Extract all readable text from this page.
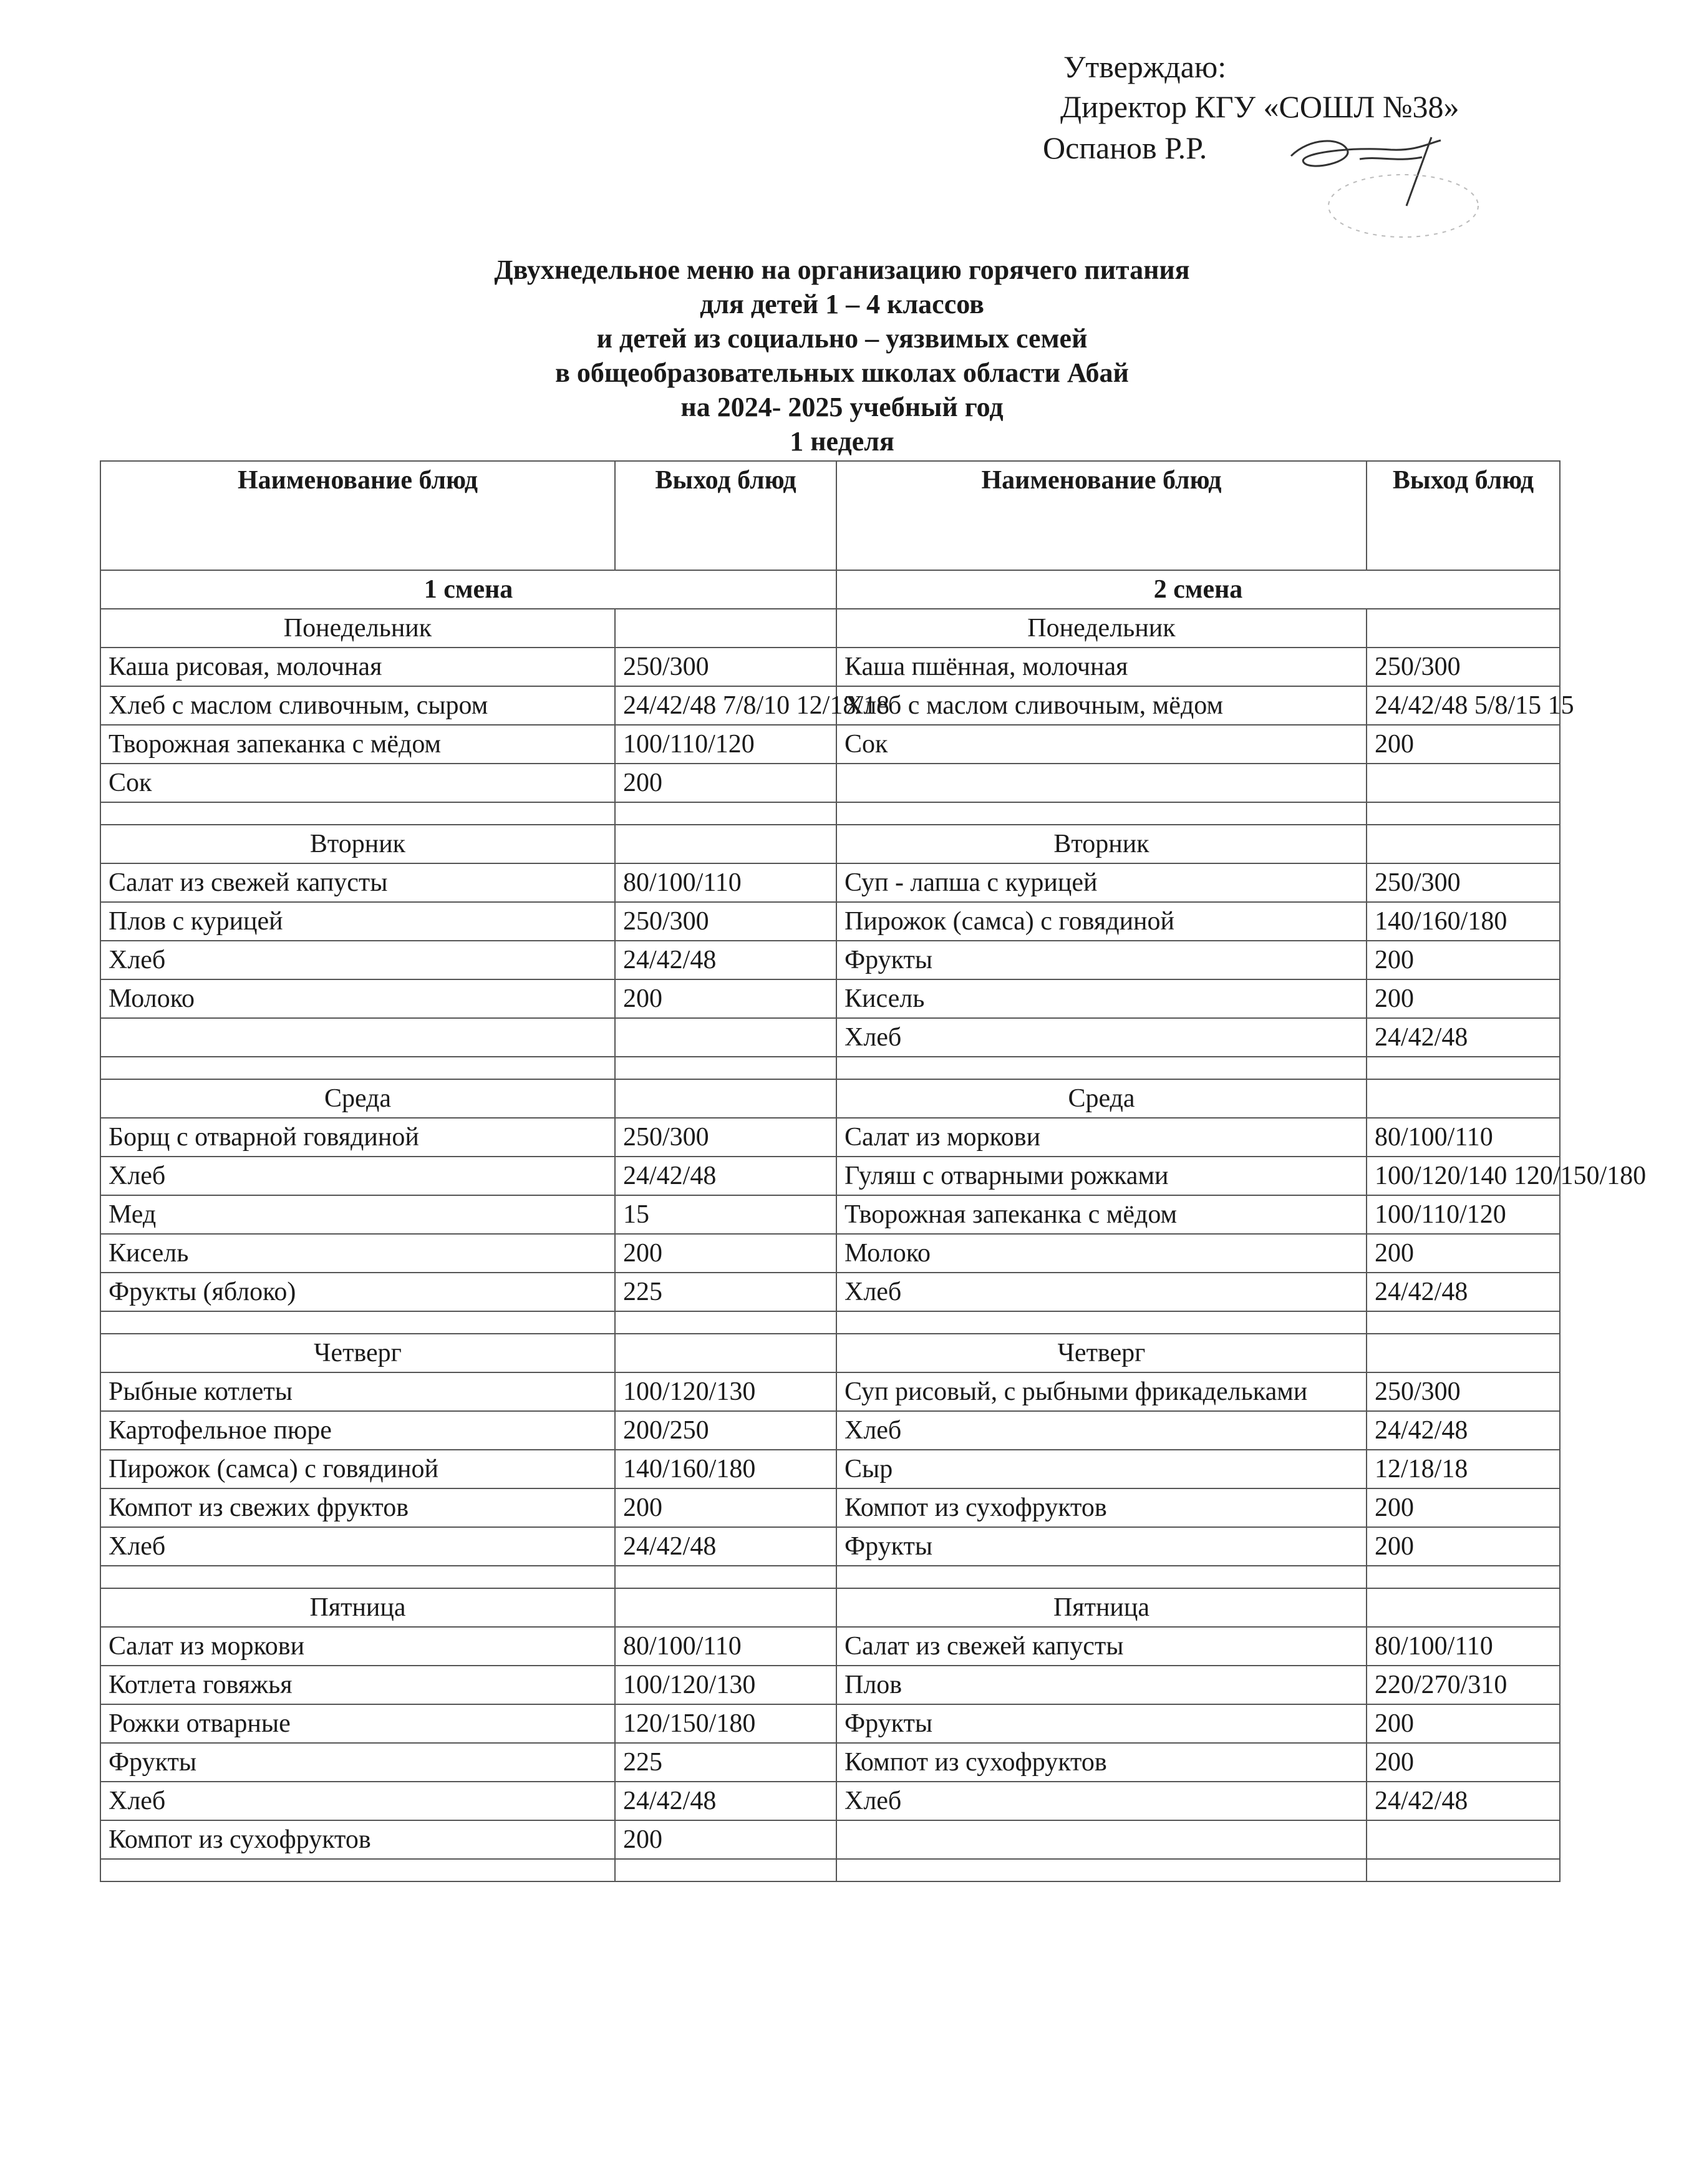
Утверждаю:
Директор КГУ «СОШЛ №38»
Оспанов Р.Р.
Двухнедельное меню на организацию горячего питания
для детей 1 – 4 классов
и детей из социально – уязвимых семей
в общеобразовательных школах области Абай
на 2024- 2025 учебный год
1 неделя
Наименование блюд	Выход блюд	Наименование блюд	Выход блюд
1 смена		2 смена	
Понедельник		Понедельник	
Каша рисовая, молочная	250/300	Каша пшённая, молочная	250/300
Хлеб с маслом сливочным, сыром	24/42/48 7/8/10 12/18/18	Хлеб с маслом сливочным, мёдом	24/42/48 5/8/15 15
Творожная запеканка с мёдом	100/110/120	Сок	200
Сок	200		

Вторник		Вторник	
Салат из свежей капусты	80/100/110	Суп - лапша с курицей	250/300
Плов с курицей	250/300	Пирожок (самса) с говядиной	140/160/180
Хлеб	24/42/48	Фрукты	200
Молоко	200	Кисель	200
		Хлеб	24/42/48

Среда		Среда	
Борщ с отварной говядиной	250/300	Салат из моркови	80/100/110
Хлеб	24/42/48	Гуляш с отварными рожками	100/120/140 120/150/180
Мед	15	Творожная запеканка с мёдом	100/110/120
Кисель	200	Молоко	200
Фрукты (яблоко)	225	Хлеб	24/42/48

Четверг		Четверг	
Рыбные котлеты	100/120/130	Суп рисовый, с рыбными фрикадельками	250/300
Картофельное пюре	200/250	Хлеб	24/42/48
Пирожок (самса) с говядиной	140/160/180	Сыр	12/18/18
Компот из свежих фруктов	200	Компот из сухофруктов	200
Хлеб	24/42/48	Фрукты	200

Пятница		Пятница	
Салат из моркови	80/100/110	Салат из свежей капусты	80/100/110
Котлета говяжья	100/120/130	Плов	220/270/310
Рожки отварные	120/150/180	Фрукты	200
Фрукты	225	Компот из сухофруктов	200
Хлеб	24/42/48	Хлеб	24/42/48
Компот из сухофруктов	200		
